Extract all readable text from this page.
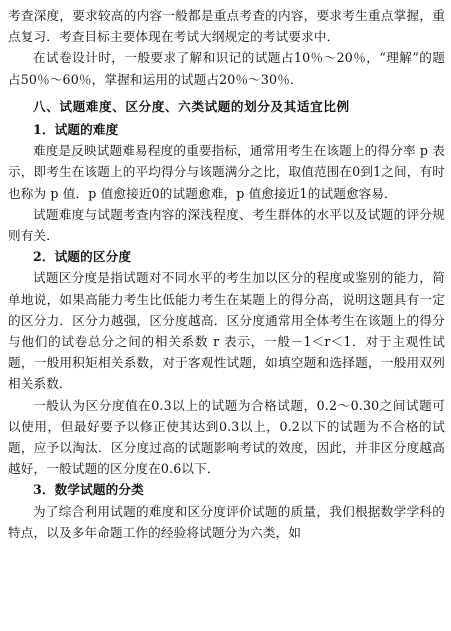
考查深度，要求较高的内容一般都是重点考查的内容，要求考生重点掌握，重点复习．考查目标主要体现在考试大纲规定的考试要求中．

在试卷设计时，一般要求了解和识记的试题占10％～20％，“理解”的题占50％～60％，掌握和运用的试题占20％～30％．

八、试题难度、区分度、六类试题的划分及其适宜比例

1．试题的难度

难度是反映试题难易程度的重要指标，通常用考生在该题上的得分率 p 表示，即考生在该题上的平均得分与该题满分之比，取值范围在0到1之间，有时也称为 p 值．p 值愈接近0的试题愈难，p 值愈接近1的试题愈容易．

试题难度与试题考查内容的深浅程度、考生群体的水平以及试题的评分规则有关．

2．试题的区分度

试题区分度是指试题对不同水平的考生加以区分的程度或鉴别的能力，简单地说，如果高能力考生比低能力考生在某题上的得分高，说明这题具有一定的区分力．区分力越强，区分度越高．区分度通常用全体考生在该题上的得分与他们的试卷总分之间的相关系数 r 表示，一般－1＜r＜1．对于主观性试题，一般用积矩相关系数，对于客观性试题，如填空题和选择题，一般用双列相关系数．

一般认为区分度值在0.3以上的试题为合格试题，0.2～0.30之间试题可以使用，但最好要予以修正使其达到0.3以上，0.2以下的试题为不合格的试题，应予以淘汰．区分度过高的试题影响考试的效度，因此，并非区分度越高越好，一般试题的区分度在0.6以下．

3．数学试题的分类

为了综合利用试题的难度和区分度评价试题的质量，我们根据数学学科的特点，以及多年命题工作的经验将试题分为六类，如
